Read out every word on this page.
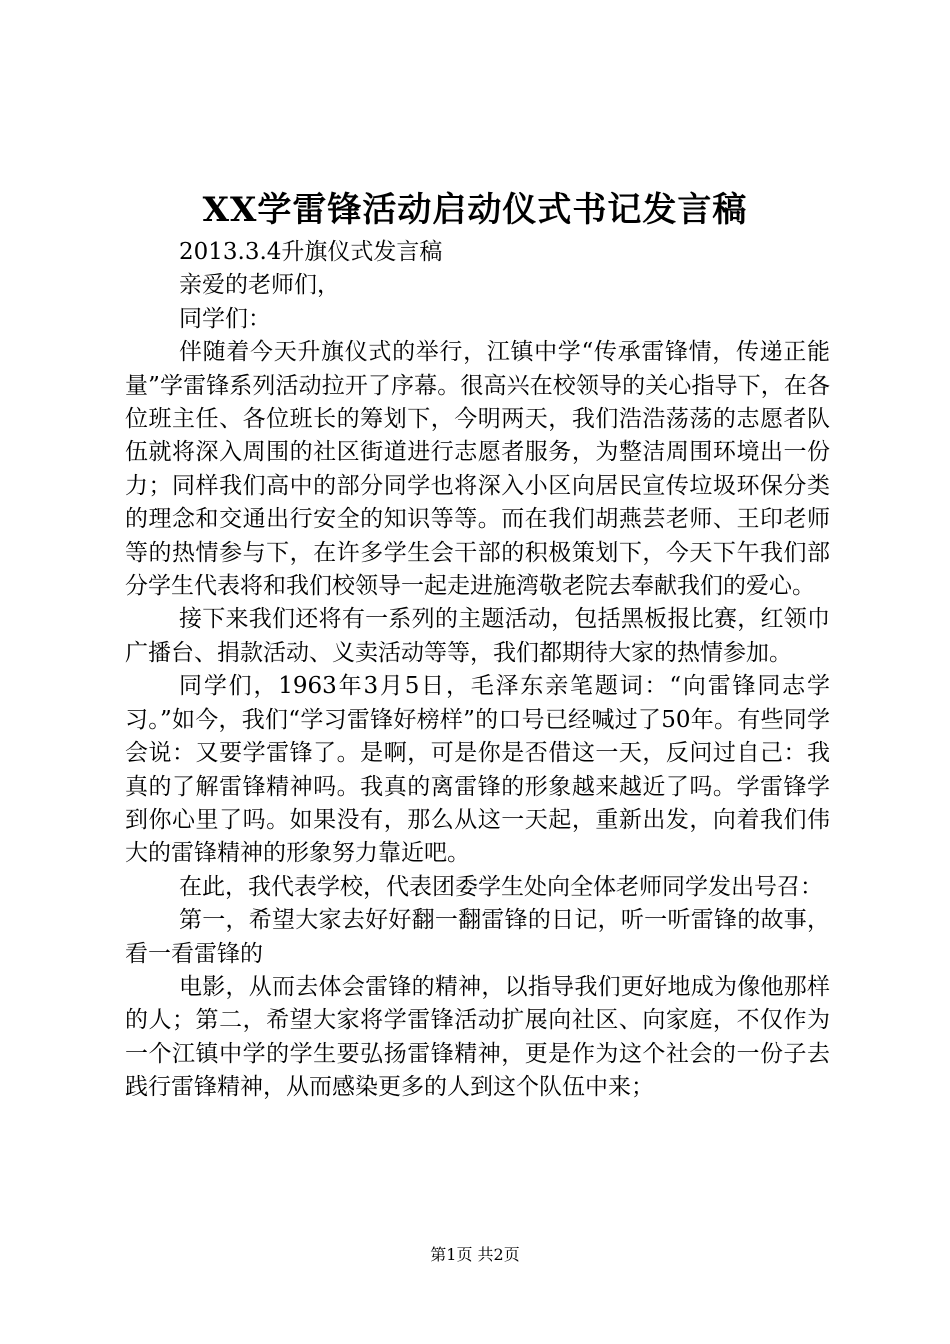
XX学雷锋活动启动仪式书记发言稿

2013.3.4升旗仪式发言稿

亲爱的老师们，

同学们：

伴随着今天升旗仪式的举行，江镇中学“传承雷锋情，传递正能量”学雷锋系列活动拉开了序幕。很高兴在校领导的关心指导下，在各位班主任、各位班长的筹划下，今明两天，我们浩浩荡荡的志愿者队伍就将深入周围的社区街道进行志愿者服务，为整洁周围环境出一份力；同样我们高中的部分同学也将深入小区向居民宣传垃圾环保分类的理念和交通出行安全的知识等等。而在我们胡燕芸老师、王印老师等的热情参与下，在许多学生会干部的积极策划下，今天下午我们部分学生代表将和我们校领导一起走进施湾敬老院去奉献我们的爱心。

接下来我们还将有一系列的主题活动，包括黑板报比赛，红领巾广播台、捐款活动、义卖活动等等，我们都期待大家的热情参加。

同学们，1963年3月5日，毛泽东亲笔题词：“向雷锋同志学习。”如今，我们“学习雷锋好榜样”的口号已经喊过了50年。有些同学会说：又要学雷锋了。是啊，可是你是否借这一天，反问过自己：我真的了解雷锋精神吗。我真的离雷锋的形象越来越近了吗。学雷锋学到你心里了吗。如果没有，那么从这一天起，重新出发，向着我们伟大的雷锋精神的形象努力靠近吧。

在此，我代表学校，代表团委学生处向全体老师同学发出号召：

第一，希望大家去好好翻一翻雷锋的日记，听一听雷锋的故事，看一看雷锋的

电影，从而去体会雷锋的精神，以指导我们更好地成为像他那样的人；第二，希望大家将学雷锋活动扩展向社区、向家庭，不仅作为一个江镇中学的学生要弘扬雷锋精神，更是作为这个社会的一份子去践行雷锋精神，从而感染更多的人到这个队伍中来；

第1页 共2页
